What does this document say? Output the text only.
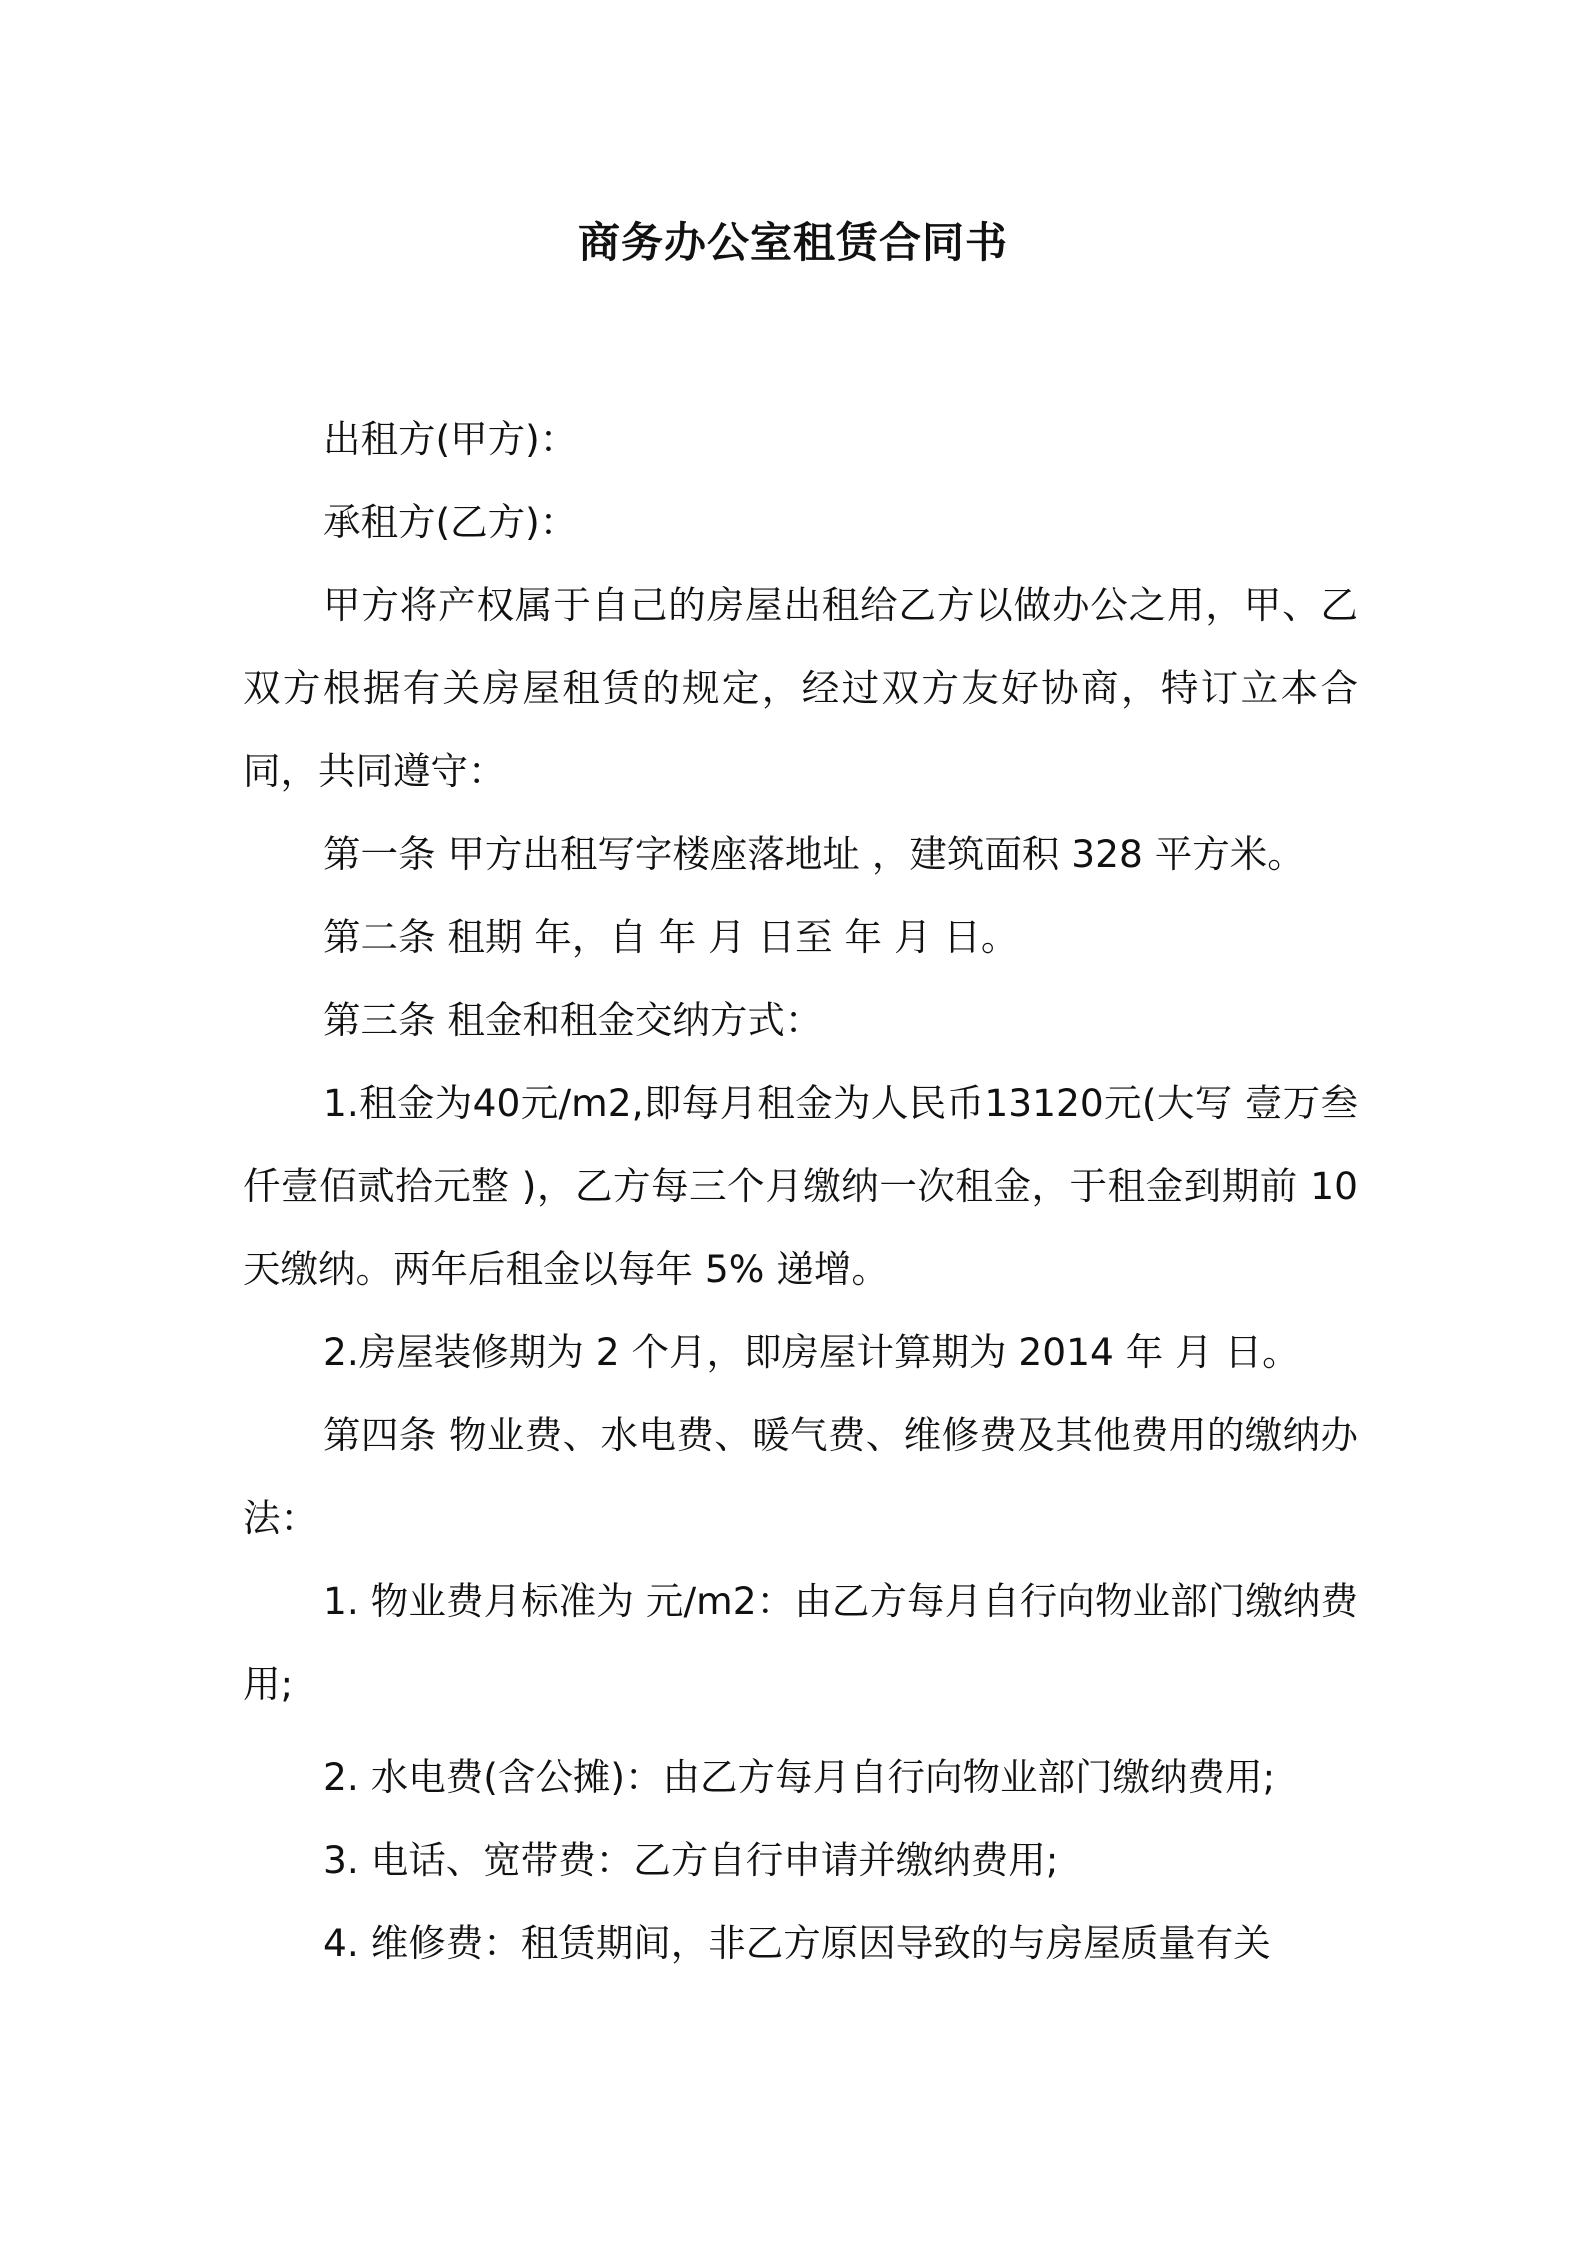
商务办公室租赁合同书

出租方(甲方)：

承租方(乙方)：

甲方将产权属于自己的房屋出租给乙方以做办公之用，甲、乙双方根据有关房屋租赁的规定，经过双方友好协商，特订立本合同，共同遵守：

第一条 甲方出租写字楼座落地址 ，建筑面积 328 平方米。

第二条 租期 年，自 年 月 日至 年 月 日。

第三条 租金和租金交纳方式：

1.租金为40元/m2,即每月租金为人民币13120元(大写 壹万叁仟壹佰贰拾元整 )，乙方每三个月缴纳一次租金，于租金到期前 10 天缴纳。两年后租金以每年 5% 递增。

2.房屋装修期为 2 个月，即房屋计算期为 2014 年 月 日。

第四条 物业费、水电费、暖气费、维修费及其他费用的缴纳办法：

1. 物业费月标准为 元/m2：由乙方每月自行向物业部门缴纳费用;

2. 水电费(含公摊)：由乙方每月自行向物业部门缴纳费用;

3. 电话、宽带费：乙方自行申请并缴纳费用;

4. 维修费：租赁期间，非乙方原因导致的与房屋质量有关
